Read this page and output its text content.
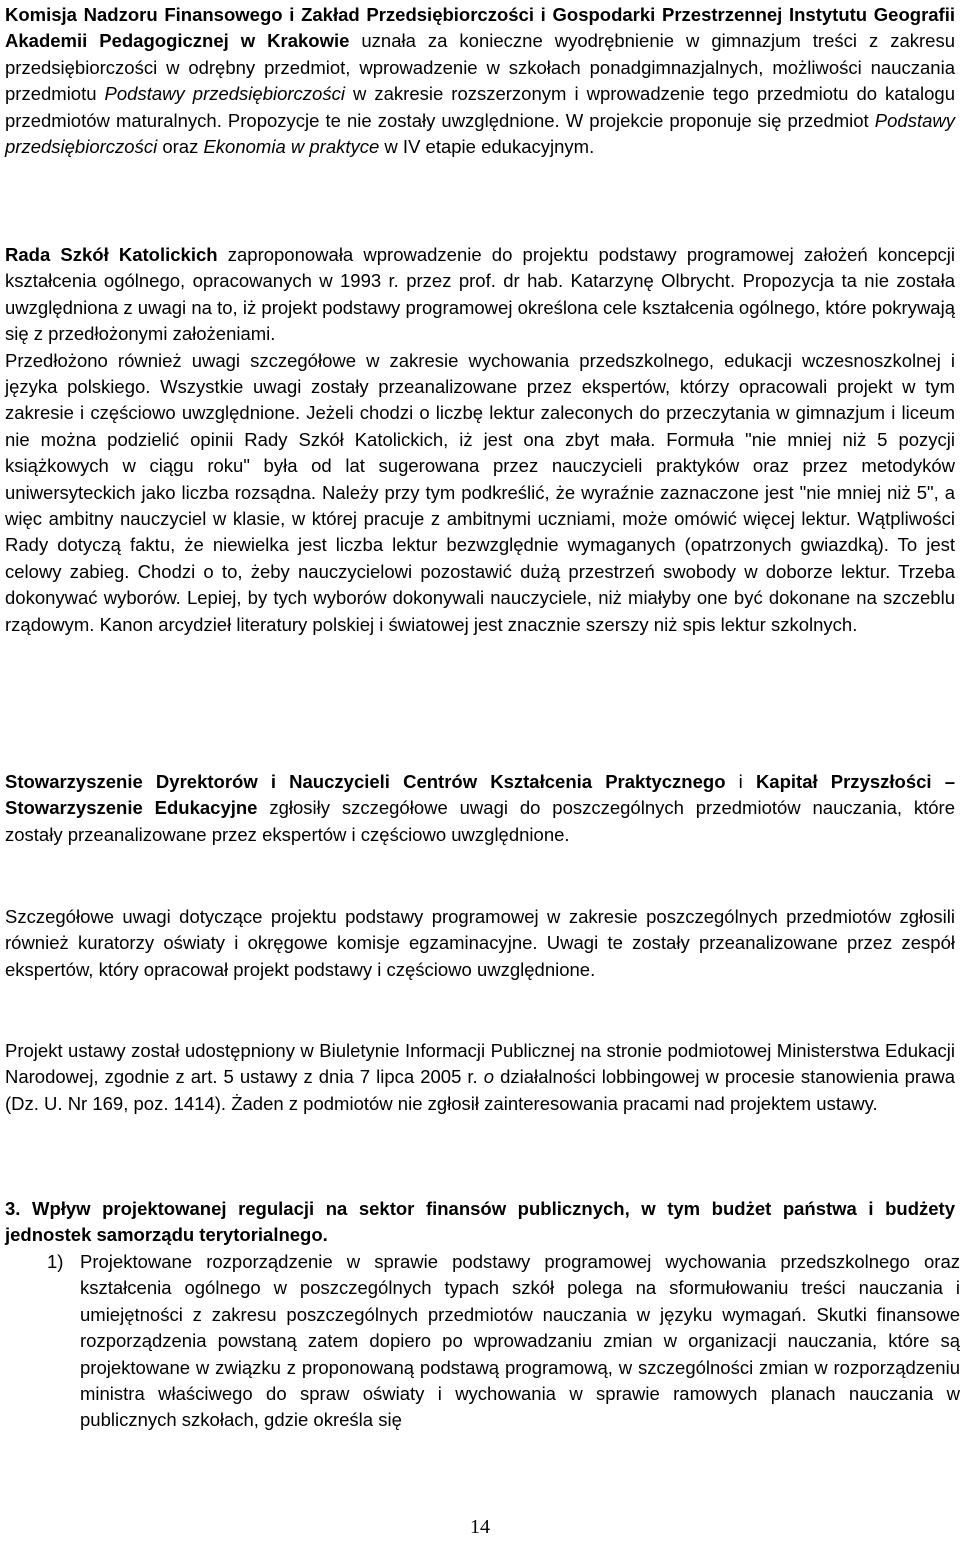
Komisja Nadzoru Finansowego i Zakład Przedsiębiorczości i Gospodarki Przestrzennej Instytutu Geografii Akademii Pedagogicznej w Krakowie uznała za konieczne wyodrębnienie w gimnazjum treści z zakresu przedsiębiorczości w odrębny przedmiot, wprowadzenie w szkołach ponadgimnazjalnych, możliwości nauczania przedmiotu Podstawy przedsiębiorczości w zakresie rozszerzonym i wprowadzenie tego przedmiotu do katalogu przedmiotów maturalnych. Propozycje te nie zostały uwzględnione. W projekcie proponuje się przedmiot Podstawy przedsiębiorczości oraz Ekonomia w praktyce w IV etapie edukacyjnym.

Rada Szkół Katolickich zaproponowała wprowadzenie do projektu podstawy programowej założeń koncepcji kształcenia ogólnego, opracowanych w 1993 r. przez prof. dr hab. Katarzynę Olbrycht. Propozycja ta nie została uwzględniona z uwagi na to, iż projekt podstawy programowej określona cele kształcenia ogólnego, które pokrywają się z przedłożonymi założeniami.
Przedłożono również uwagi szczegółowe w zakresie wychowania przedszkolnego, edukacji wczesnoszkolnej i języka polskiego. Wszystkie uwagi zostały przeanalizowane przez ekspertów, którzy opracowali projekt w tym zakresie i częściowo uwzględnione. Jeżeli chodzi o liczbę lektur zaleconych do przeczytania w gimnazjum i liceum nie można podzielić opinii Rady Szkół Katolickich, iż jest ona zbyt mała. Formuła "nie mniej niż 5 pozycji książkowych w ciągu roku" była od lat sugerowana przez nauczycieli praktyków oraz przez metodyków uniwersyteckich jako liczba rozsądna. Należy przy tym podkreślić, że wyraźnie zaznaczone jest "nie mniej niż 5", a więc ambitny nauczyciel w klasie, w której pracuje z ambitnymi uczniami, może omówić więcej lektur. Wątpliwości Rady dotyczą faktu, że niewielka jest liczba lektur bezwzględnie wymaganych (opatrzonych gwiazdką). To jest celowy zabieg. Chodzi o to, żeby nauczycielowi pozostawić dużą przestrzeń swobody w doborze lektur. Trzeba dokonywać wyborów. Lepiej, by tych wyborów dokonywali nauczyciele, niż miałyby one być dokonane na szczeblu rządowym. Kanon arcydzieł literatury polskiej i światowej jest znacznie szerszy niż spis lektur szkolnych.

Stowarzyszenie Dyrektorów i Nauczycieli Centrów Kształcenia Praktycznego i Kapitał Przyszłości – Stowarzyszenie Edukacyjne zgłosiły szczegółowe uwagi do poszczególnych przedmiotów nauczania, które zostały przeanalizowane przez ekspertów i częściowo uwzględnione.

Szczegółowe uwagi dotyczące projektu podstawy programowej w zakresie poszczególnych przedmiotów zgłosili również kuratorzy oświaty i okręgowe komisje egzaminacyjne. Uwagi te zostały przeanalizowane przez zespół ekspertów, który opracował projekt podstawy i częściowo uwzględnione.

Projekt ustawy został udostępniony w Biuletynie Informacji Publicznej na stronie podmiotowej Ministerstwa Edukacji Narodowej, zgodnie z art. 5 ustawy z dnia 7 lipca 2005 r. o działalności lobbingowej w procesie stanowienia prawa (Dz. U. Nr 169, poz. 1414). Żaden z podmiotów nie zgłosił zainteresowania pracami nad projektem ustawy.

3. Wpływ projektowanej regulacji na sektor finansów publicznych, w tym budżet państwa i budżety jednostek samorządu terytorialnego.

1) Projektowane rozporządzenie w sprawie podstawy programowej wychowania przedszkolnego oraz kształcenia ogólnego w poszczególnych typach szkół polega na sformułowaniu treści nauczania i umiejętności z zakresu poszczególnych przedmiotów nauczania w języku wymagań. Skutki finansowe rozporządzenia powstaną zatem dopiero po wprowadzaniu zmian w organizacji nauczania, które są projektowane w związku z proponowaną podstawą programową, w szczególności zmian w rozporządzeniu ministra właściwego do spraw oświaty i wychowania w sprawie ramowych planach nauczania w publicznych szkołach, gdzie określa się

14
